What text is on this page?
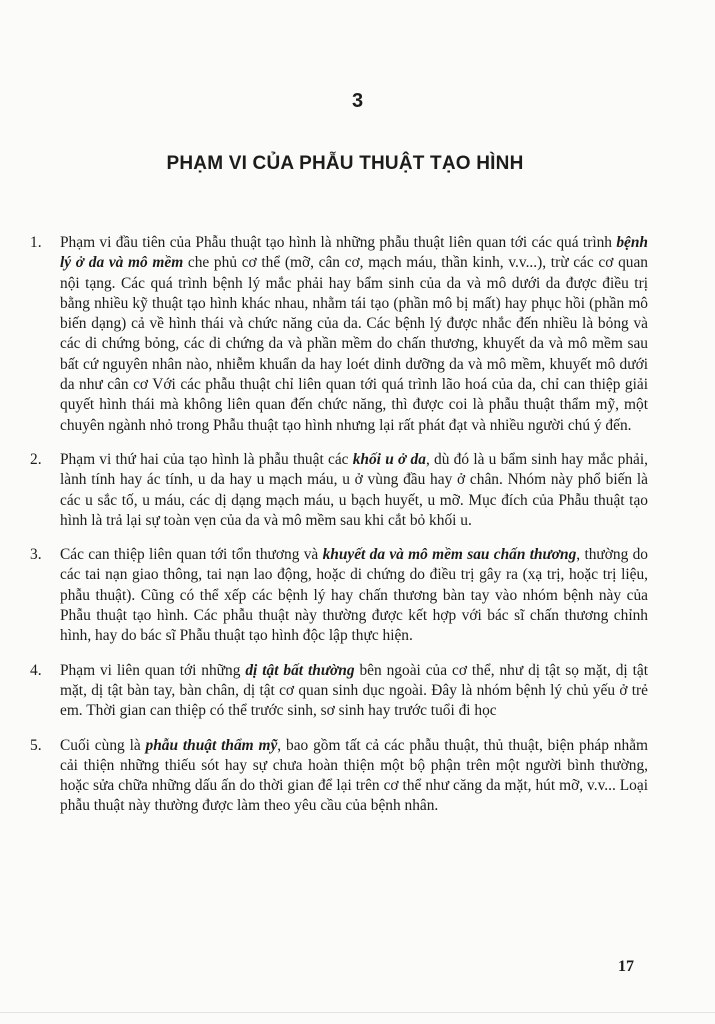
3
PHẠM VI CỦA PHẪU THUẬT TẠO HÌNH
1. Phạm vi đầu tiên của Phẫu thuật tạo hình là những phẫu thuật liên quan tới các quá trình bệnh lý ở da và mô mềm che phủ cơ thể (mỡ, cân cơ, mạch máu, thần kinh, v.v...), trừ các cơ quan nội tạng. Các quá trình bệnh lý mắc phải hay bẩm sinh của da và mô dưới da được điều trị bằng nhiều kỹ thuật tạo hình khác nhau, nhằm tái tạo (phần mô bị mất) hay phục hồi (phần mô biến dạng) cả về hình thái và chức năng của da. Các bệnh lý được nhắc đến nhiều là bỏng và các di chứng bỏng, các di chứng da và phần mềm do chấn thương, khuyết da và mô mềm sau bất cứ nguyên nhân nào, nhiễm khuẩn da hay loét dinh dưỡng da và mô mềm, khuyết mô dưới da như cân cơ Với các phẫu thuật chỉ liên quan tới quá trình lão hoá của da, chỉ can thiệp giải quyết hình thái mà không liên quan đến chức năng, thì được coi là phẫu thuật thẩm mỹ, một chuyên ngành nhỏ trong Phẫu thuật tạo hình nhưng lại rất phát đạt và nhiều người chú ý đến.
2. Phạm vi thứ hai của tạo hình là phẫu thuật các khối u ở da, dù đó là u bẩm sinh hay mắc phải, lành tính hay ác tính, u da hay u mạch máu, u ở vùng đầu hay ở chân. Nhóm này phổ biến là các u sắc tố, u máu, các dị dạng mạch máu, u bạch huyết, u mỡ. Mục đích của Phẫu thuật tạo hình là trả lại sự toàn vẹn của da và mô mềm sau khi cắt bỏ khối u.
3. Các can thiệp liên quan tới tổn thương và khuyết da và mô mềm sau chấn thương, thường do các tai nạn giao thông, tai nạn lao động, hoặc di chứng do điều trị gây ra (xạ trị, hoặc trị liệu, phẫu thuật). Cũng có thể xếp các bệnh lý hay chấn thương bàn tay vào nhóm bệnh này của Phẫu thuật tạo hình. Các phẫu thuật này thường được kết hợp với bác sĩ chấn thương chỉnh hình, hay do bác sĩ Phẫu thuật tạo hình độc lập thực hiện.
4. Phạm vi liên quan tới những dị tật bất thường bên ngoài của cơ thể, như dị tật sọ mặt, dị tật mặt, dị tật bàn tay, bàn chân, dị tật cơ quan sinh dục ngoài. Đây là nhóm bệnh lý chủ yếu ở trẻ em. Thời gian can thiệp có thể trước sinh, sơ sinh hay trước tuổi đi học
5. Cuối cùng là phẫu thuật thẩm mỹ, bao gồm tất cả các phẫu thuật, thủ thuật, biện pháp nhằm cải thiện những thiếu sót hay sự chưa hoàn thiện một bộ phận trên một người bình thường, hoặc sửa chữa những dấu ấn do thời gian để lại trên cơ thể như căng da mặt, hút mỡ, v.v... Loại phẫu thuật này thường được làm theo yêu cầu của bệnh nhân.
17
